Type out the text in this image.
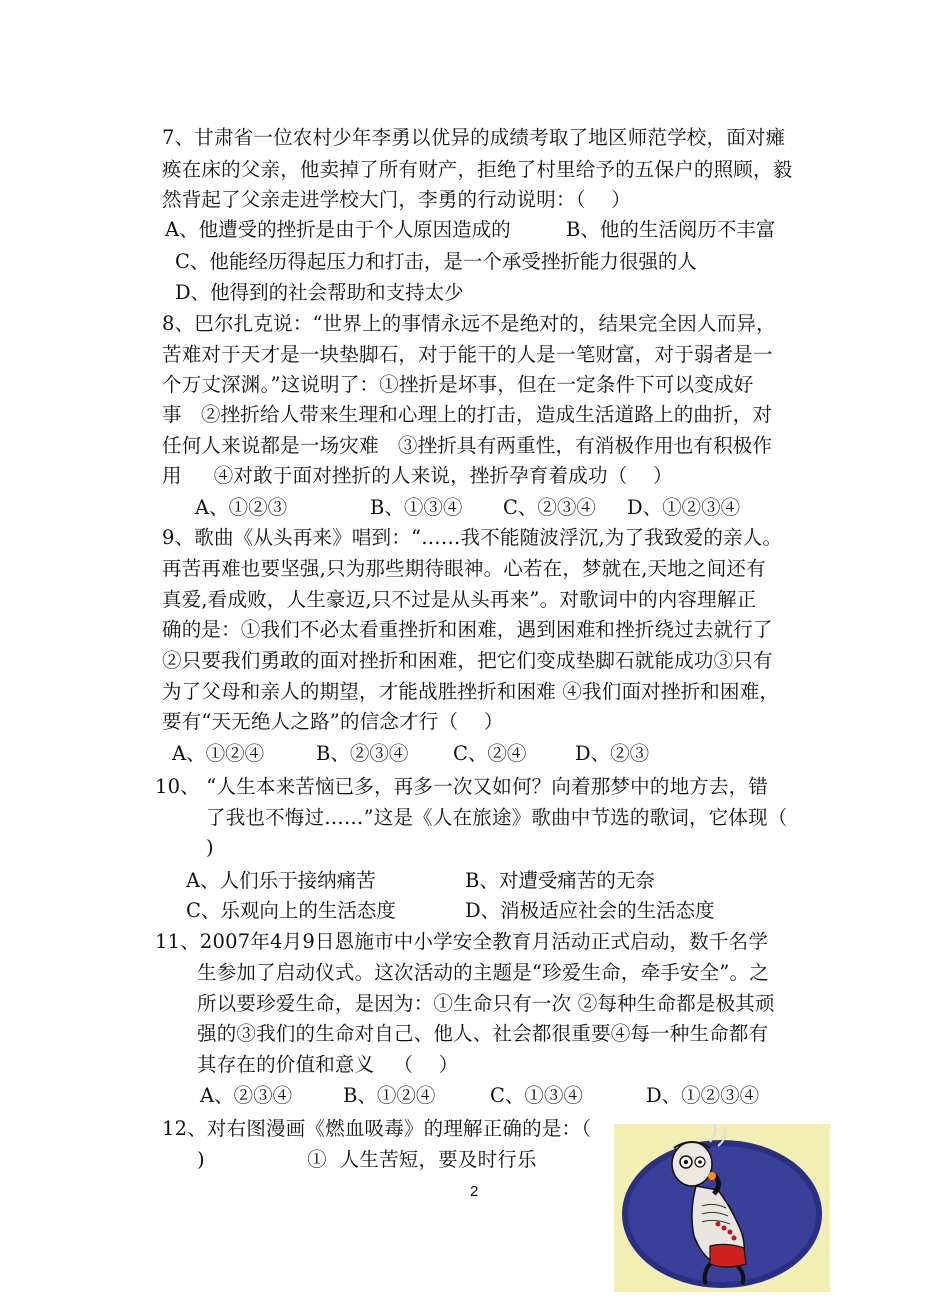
7、甘肃省一位农村少年李勇以优异的成绩考取了地区师范学校，面对瘫
痪在床的父亲，他卖掉了所有财产，拒绝了村里给予的五保户的照顾，毅
然背起了父亲走进学校大门，李勇的行动说明：（    ）
A、他遭受的挫折是由于个人原因造成的	B、他的生活阅历不丰富
C、他能经历得起压力和打击，是一个承受挫折能力很强的人
D、他得到的社会帮助和支持太少
8、巴尔扎克说：“世界上的事情永远不是绝对的，结果完全因人而异，
苦难对于天才是一块垫脚石，对于能干的人是一笔财富，对于弱者是一
个万丈深渊。”这说明了：①挫折是坏事，但在一定条件下可以变成好
事   ②挫折给人带来生理和心理上的打击，造成生活道路上的曲折，对
任何人来说都是一场灾难   ③挫折具有两重性，有消极作用也有积极作
用     ④对敢于面对挫折的人来说，挫折孕育着成功（    ）
A、①②③	B、①③④ C、②③④ D、①②③④
9、歌曲《从头再来》唱到：“……我不能随波浮沉,为了我致爱的亲人。
再苦再难也要坚强,只为那些期待眼神。心若在，梦就在,天地之间还有
真爱,看成败，人生豪迈,只不过是从头再来”。对歌词中的内容理解正
确的是：①我们不必太看重挫折和困难，遇到困难和挫折绕过去就行了
②只要我们勇敢的面对挫折和困难，把它们变成垫脚石就能成功③只有
为了父母和亲人的期望，才能战胜挫折和困难 ④我们面对挫折和困难，
要有“天无绝人之路”的信念才行（    ）
A、①②④	B、②③④ C、②④ D、②③
10、 “人生本来苦恼已多，再多一次又如何？向着那梦中的地方去，错
了我也不悔过……”这是《人在旅途》歌曲中节选的歌词，它体现（
)
A、人们乐于接纳痛苦	B、对遭受痛苦的无奈
C、乐观向上的生活态度	D、消极适应社会的生活态度
11、2007年4月9日恩施市中小学安全教育月活动正式启动，数千名学
生参加了启动仪式。这次活动的主题是“珍爱生命，牵手安全”。之
所以要珍爱生命，是因为：①生命只有一次 ②每种生命都是极其顽
强的③我们的生命对自己、他人、社会都很重要④每一种生命都有
其存在的价值和意义   （    ）
A、②③④	B、①②④	C、①③④	D、①②③④
12、对右图漫画《燃血吸毒》的理解正确的是：（
)                ①  人生苦短，要及时行乐
2
